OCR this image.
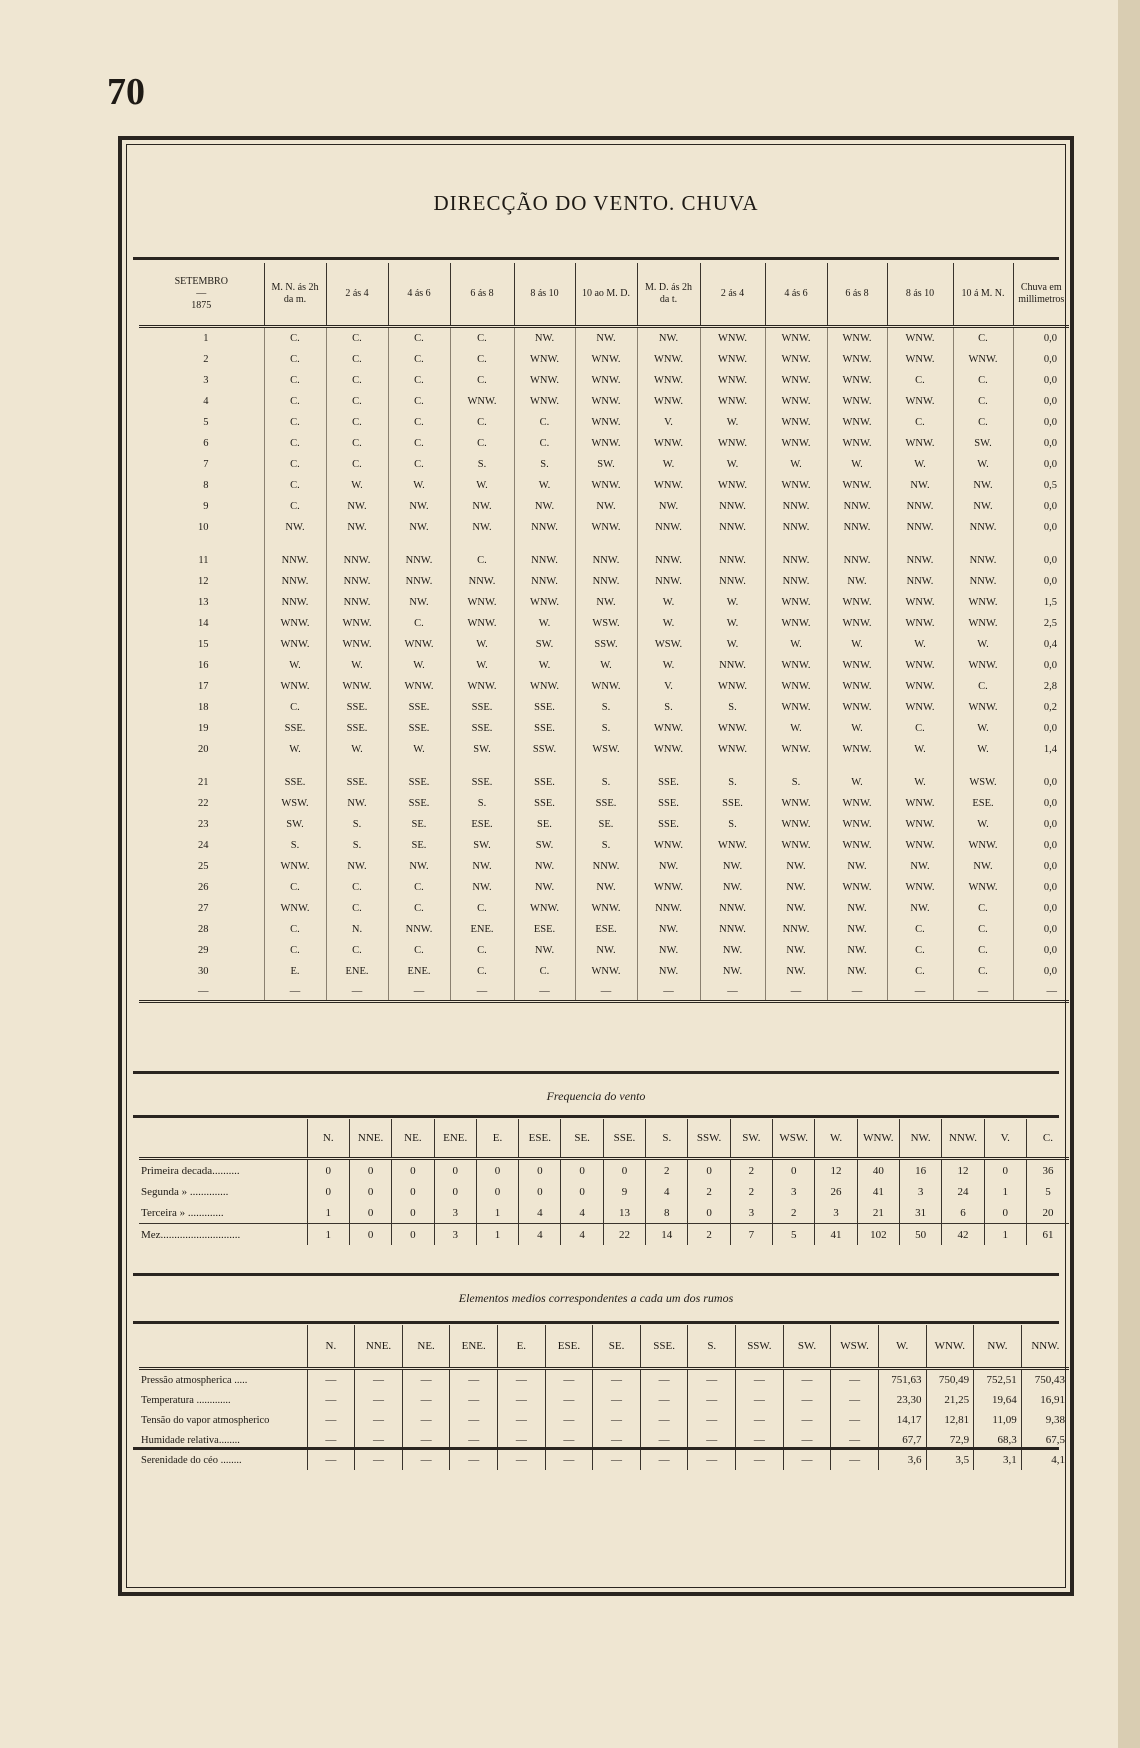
70
DIRECÇÃO DO VENTO. CHUVA
SETEMBRO
—
1875	M. N. ás 2h da m.	2 ás 4	4 ás 6	6 ás 8	8 ás 10	10 ao M. D.	M. D. ás 2h da t.	2 ás 4	4 ás 6	6 ás 8	8 ás 10	10 á M. N.	Chuva em millimetros
1	C.	C.	C.	C.	NW.	NW.	NW.	WNW.	WNW.	WNW.	WNW.	C.	0,0
2	C.	C.	C.	C.	WNW.	WNW.	WNW.	WNW.	WNW.	WNW.	WNW.	WNW.	0,0
3	C.	C.	C.	C.	WNW.	WNW.	WNW.	WNW.	WNW.	WNW.	C.	C.	0,0
4	C.	C.	C.	WNW.	WNW.	WNW.	WNW.	WNW.	WNW.	WNW.	WNW.	C.	0,0
5	C.	C.	C.	C.	C.	WNW.	V.	W.	WNW.	WNW.	C.	C.	0,0
6	C.	C.	C.	C.	C.	WNW.	WNW.	WNW.	WNW.	WNW.	WNW.	SW.	0,0
7	C.	C.	C.	S.	S.	SW.	W.	W.	W.	W.	W.	W.	0,0
8	C.	W.	W.	W.	W.	WNW.	WNW.	WNW.	WNW.	WNW.	NW.	NW.	0,5
9	C.	NW.	NW.	NW.	NW.	NW.	NW.	NNW.	NNW.	NNW.	NNW.	NW.	0,0
10	NW.	NW.	NW.	NW.	NNW.	WNW.	NNW.	NNW.	NNW.	NNW.	NNW.	NNW.	0,0

11	NNW.	NNW.	NNW.	C.	NNW.	NNW.	NNW.	NNW.	NNW.	NNW.	NNW.	NNW.	0,0
12	NNW.	NNW.	NNW.	NNW.	NNW.	NNW.	NNW.	NNW.	NNW.	NW.	NNW.	NNW.	0,0
13	NNW.	NNW.	NW.	WNW.	WNW.	NW.	W.	W.	WNW.	WNW.	WNW.	WNW.	1,5
14	WNW.	WNW.	C.	WNW.	W.	WSW.	W.	W.	WNW.	WNW.	WNW.	WNW.	2,5
15	WNW.	WNW.	WNW.	W.	SW.	SSW.	WSW.	W.	W.	W.	W.	W.	0,4
16	W.	W.	W.	W.	W.	W.	W.	NNW.	WNW.	WNW.	WNW.	WNW.	0,0
17	WNW.	WNW.	WNW.	WNW.	WNW.	WNW.	V.	WNW.	WNW.	WNW.	WNW.	C.	2,8
18	C.	SSE.	SSE.	SSE.	SSE.	S.	S.	S.	WNW.	WNW.	WNW.	WNW.	0,2
19	SSE.	SSE.	SSE.	SSE.	SSE.	S.	WNW.	WNW.	W.	W.	C.	W.	0,0
20	W.	W.	W.	SW.	SSW.	WSW.	WNW.	WNW.	WNW.	WNW.	W.	W.	1,4

21	SSE.	SSE.	SSE.	SSE.	SSE.	S.	SSE.	S.	S.	W.	W.	WSW.	0,0
22	WSW.	NW.	SSE.	S.	SSE.	SSE.	SSE.	SSE.	WNW.	WNW.	WNW.	ESE.	0,0
23	SW.	S.	SE.	ESE.	SE.	SE.	SSE.	S.	WNW.	WNW.	WNW.	W.	0,0
24	S.	S.	SE.	SW.	SW.	S.	WNW.	WNW.	WNW.	WNW.	WNW.	WNW.	0,0
25	WNW.	NW.	NW.	NW.	NW.	NNW.	NW.	NW.	NW.	NW.	NW.	NW.	0,0
26	C.	C.	C.	NW.	NW.	NW.	WNW.	NW.	NW.	WNW.	WNW.	WNW.	0,0
27	WNW.	C.	C.	C.	WNW.	WNW.	NNW.	NNW.	NW.	NW.	NW.	C.	0,0
28	C.	N.	NNW.	ENE.	ESE.	ESE.	NW.	NNW.	NNW.	NW.	C.	C.	0,0
29	C.	C.	C.	C.	NW.	NW.	NW.	NW.	NW.	NW.	C.	C.	0,0
30	E.	ENE.	ENE.	C.	C.	WNW.	NW.	NW.	NW.	NW.	C.	C.	0,0
—	—	—	—	—	—	—	—	—	—	—	—	—	—
Frequencia do vento
	N.	NNE.	NE.	ENE.	E.	ESE.	SE.	SSE.	S.	SSW.	SW.	WSW.	W.	WNW.	NW.	NNW.	V.	C.
Primeira decada..........	0	0	0	0	0	0	0	0	2	0	2	0	12	40	16	12	0	36
Segunda » ..............	0	0	0	0	0	0	0	9	4	2	2	3	26	41	3	24	1	5
Terceira » .............	1	0	0	3	1	4	4	13	8	0	3	2	3	21	31	6	0	20
Mez.............................	1	0	0	3	1	4	4	22	14	2	7	5	41	102	50	42	1	61
Elementos medios correspondentes a cada um dos rumos
	N.	NNE.	NE.	ENE.	E.	ESE.	SE.	SSE.	S.	SSW.	SW.	WSW.	W.	WNW.	NW.	NNW.
Pressão atmospherica .....	—	—	—	—	—	—	—	—	—	—	—	—	751,63	750,49	752,51	750,43
Temperatura .............	—	—	—	—	—	—	—	—	—	—	—	—	23,30	21,25	19,64	16,91
Tensão do vapor atmospherico	—	—	—	—	—	—	—	—	—	—	—	—	14,17	12,81	11,09	9,38
Humidade relativa........	—	—	—	—	—	—	—	—	—	—	—	—	67,7	72,9	68,3	67,5
Serenidade do céo ........	—	—	—	—	—	—	—	—	—	—	—	—	3,6	3,5	3,1	4,1
